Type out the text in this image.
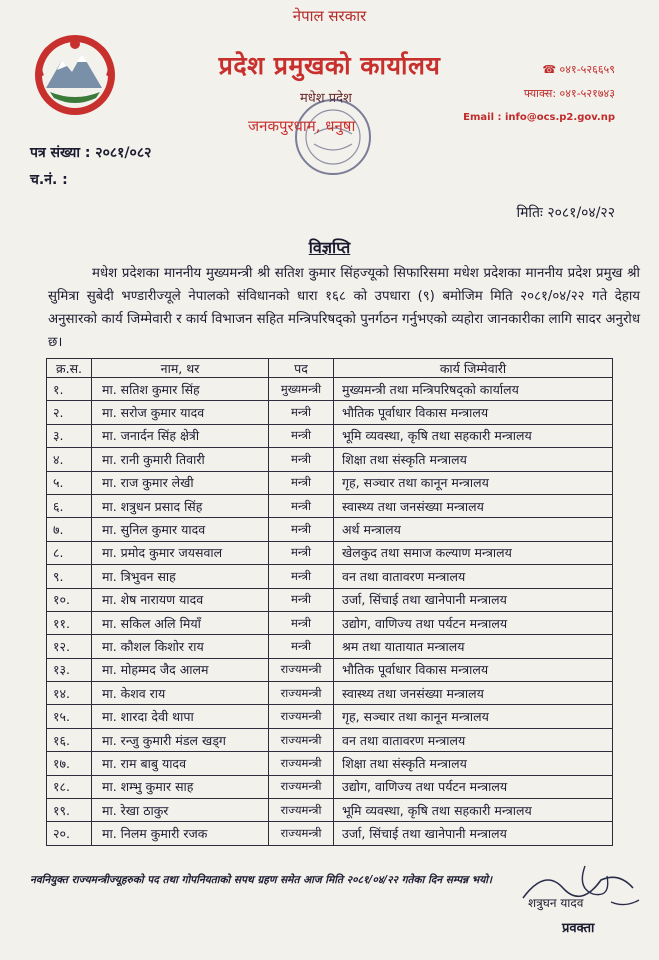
नेपाल सरकार
प्रदेश प्रमुखको कार्यालय
मधेश प्रदेश
जनकपुरधाम, धनुषा
☎ ०४१-५२६६५९
फ्याक्स: ०४१-५२१७४३
Email : info@ocs.p2.gov.np
पत्र संख्या : २०८१/०८२
च.नं. :
मितिः २०८१/०४/२२
विज्ञप्ति
मधेश प्रदेशका माननीय मुख्यमन्त्री श्री सतिश कुमार सिंहज्यूको सिफारिसमा मधेश प्रदेशका माननीय प्रदेश प्रमुख श्री सुमित्रा सुबेदी भण्डारीज्यूले नेपालको संविधानको धारा १६८ को उपधारा (९) बमोजिम मिति २०८१/०४/२२ गते देहाय अनुसारको कार्य जिम्मेवारी र कार्य विभाजन सहित मन्त्रिपरिषद्को पुनर्गठन गर्नुभएको व्यहोरा जानकारीका लागि सादर अनुरोध छ।
क्र.स.	नाम, थर	पद	कार्य जिम्मेवारी
१.	मा. सतिश कुमार सिंह	मुख्यमन्त्री	मुख्यमन्त्री तथा मन्त्रिपरिषद्को कार्यालय
२.	मा. सरोज कुमार यादव	मन्त्री	भौतिक पूर्वाधार विकास मन्त्रालय
३.	मा. जनार्दन सिंह क्षेत्री	मन्त्री	भूमि व्यवस्था, कृषि तथा सहकारी मन्त्रालय
४.	मा. रानी कुमारी तिवारी	मन्त्री	शिक्षा तथा संस्कृति मन्त्रालय
५.	मा. राज कुमार लेखी	मन्त्री	गृह, सञ्चार तथा कानून मन्त्रालय
६.	मा. शत्रुधन प्रसाद सिंह	मन्त्री	स्वास्थ्य तथा जनसंख्या मन्त्रालय
७.	मा. सुनिल कुमार यादव	मन्त्री	अर्थ मन्त्रालय
८.	मा. प्रमोद कुमार जयसवाल	मन्त्री	खेलकुद तथा समाज कल्याण मन्त्रालय
९.	मा. त्रिभुवन साह	मन्त्री	वन तथा वातावरण मन्त्रालय
१०.	मा. शेष नारायण यादव	मन्त्री	उर्जा, सिंचाई तथा खानेपानी मन्त्रालय
११.	मा. सकिल अलि मियाँ	मन्त्री	उद्योग, वाणिज्य तथा पर्यटन मन्त्रालय
१२.	मा. कौशल किशोर राय	मन्त्री	श्रम तथा यातायात मन्त्रालय
१३.	मा. मोहम्मद जैद आलम	राज्यमन्त्री	भौतिक पूर्वाधार विकास मन्त्रालय
१४.	मा. केशव राय	राज्यमन्त्री	स्वास्थ्य तथा जनसंख्या मन्त्रालय
१५.	मा. शारदा देवी थापा	राज्यमन्त्री	गृह, सञ्चार तथा कानून मन्त्रालय
१६.	मा. रन्जु कुमारी मंडल खड्ग	राज्यमन्त्री	वन तथा वातावरण मन्त्रालय
१७.	मा. राम बाबु यादव	राज्यमन्त्री	शिक्षा तथा संस्कृति मन्त्रालय
१८.	मा. शम्भु कुमार साह	राज्यमन्त्री	उद्योग, वाणिज्य तथा पर्यटन मन्त्रालय
१९.	मा. रेखा ठाकुर	राज्यमन्त्री	भूमि व्यवस्था, कृषि तथा सहकारी मन्त्रालय
२०.	मा. निलम कुमारी रजक	राज्यमन्त्री	उर्जा, सिंचाई तथा खानेपानी मन्त्रालय
नवनियुक्त राज्यमन्त्रीज्यूहरुको पद तथा गोपनियताको सपथ ग्रहण समेत आज मिति २०८१/०४/२२ गतेका दिन सम्पन्न भयो।
शत्रुघन यादव
प्रवक्ता
